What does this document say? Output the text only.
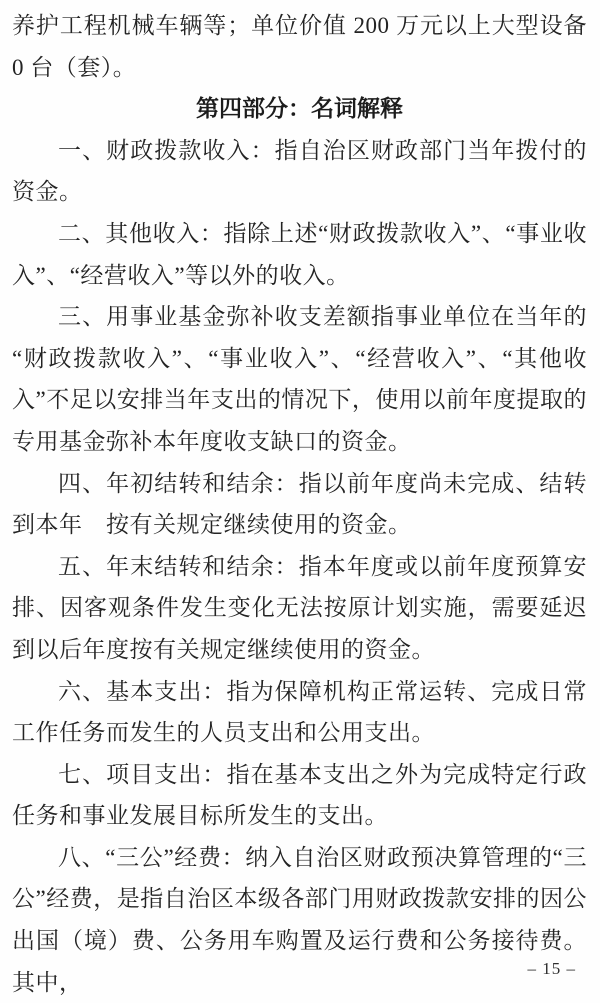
养护工程机械车辆等；单位价值 200 万元以上大型设备 0 台（套）。

第四部分：名词解释

一、财政拨款收入：指自治区财政部门当年拨付的资金。

二、其他收入：指除上述“财政拨款收入”、“事业收入”、“经营收入”等以外的收入。

三、用事业基金弥补收支差额指事业单位在当年的“财政拨款收入”、“事业收入”、“经营收入”、“其他收入”不足以安排当年支出的情况下，使用以前年度提取的专用基金弥补本年度收支缺口的资金。

四、年初结转和结余：指以前年度尚未完成、结转到本年　按有关规定继续使用的资金。

五、年末结转和结余：指本年度或以前年度预算安排、因客观条件发生变化无法按原计划实施，需要延迟到以后年度按有关规定继续使用的资金。

六、基本支出：指为保障机构正常运转、完成日常工作任务而发生的人员支出和公用支出。

七、项目支出：指在基本支出之外为完成特定行政任务和事业发展目标所发生的支出。

八、“三公”经费：纳入自治区财政预决算管理的“三公”经费，是指自治区本级各部门用财政拨款安排的因公出国（境）费、公务用车购置及运行费和公务接待费。其中，

– 15 –
